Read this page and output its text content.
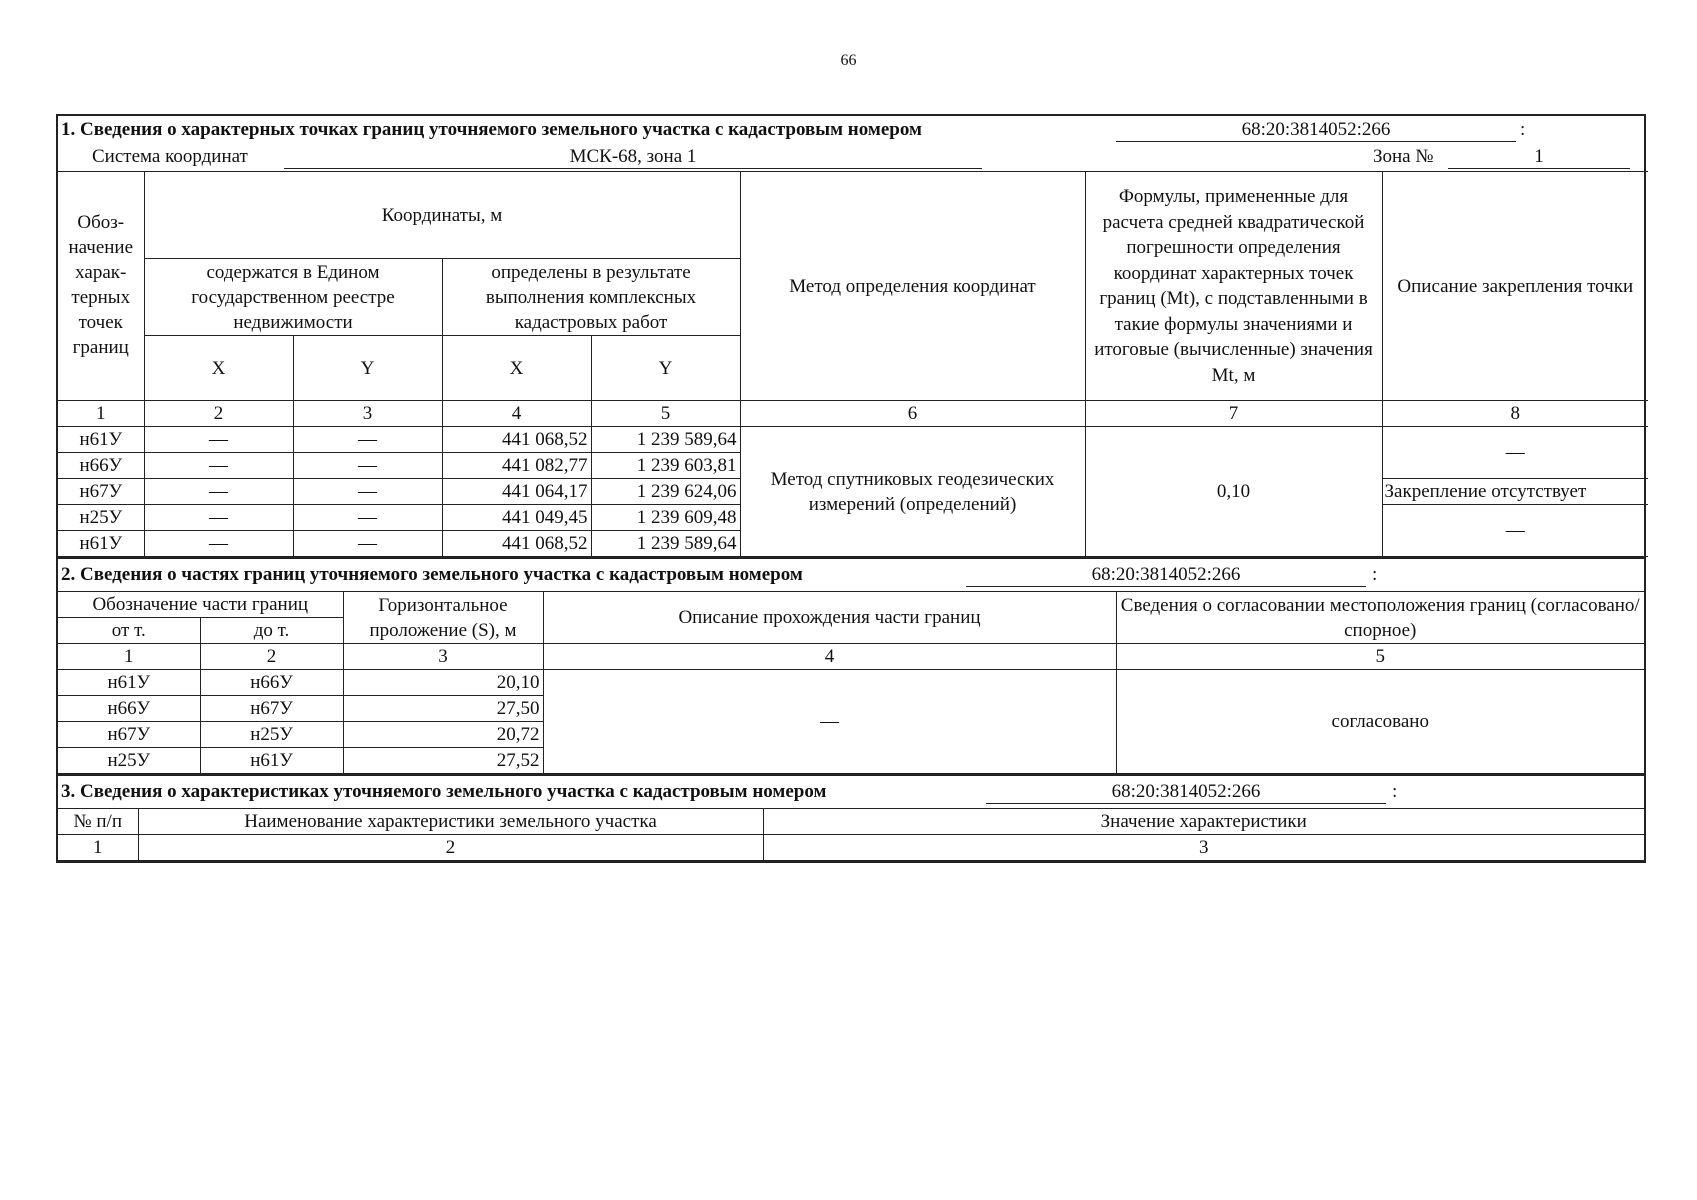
66
1. Сведения о характерных точках границ уточняемого земельного участка с кадастровым номером	68:20:3814052:266	:
Система координат	МСК-68, зона 1	Зона №	1
Обоз-начение харак-терных точек границ	Координаты, м				Метод определения координат	Формулы, примененные для расчета средней квадратической погрешности определения координат характерных точек границ (Mt), с подставленными в такие формулы значениями и итоговые (вычисленные) значения Mt, м	Описание закрепления точки
	содержатся в Едином государственном реестре недвижимости		определены в результате выполнения комплексных кадастровых работ				
	X	Y	X	Y			
1	2	3	4	5	6	7	8
н61У	—	—	441 068,52	1 239 589,64	Метод спутниковых геодезических измерений (определений)	0,10	—
н66У	—	—	441 082,77	1 239 603,81			
н67У	—	—	441 064,17	1 239 624,06			Закрепление отсутствует
н25У	—	—	441 049,45	1 239 609,48			—
н61У	—	—	441 068,52	1 239 589,64			
2. Сведения о частях границ уточняемого земельного участка с кадастровым номером	68:20:3814052:266	:
Обозначение части границ		Горизонтальное проложение (S), м	Описание прохождения части границ	Сведения о согласовании местоположения границ (согласовано/спорное)
от т.	до т.			
1	2	3	4	5
н61У	н66У	20,10	—	согласовано
н66У	н67У	27,50		
н67У	н25У	20,72		
н25У	н61У	27,52		
3. Сведения о характеристиках уточняемого земельного участка с кадастровым номером	68:20:3814052:266	:
№ п/п	Наименование характеристики земельного участка	Значение характеристики
1	2	3
